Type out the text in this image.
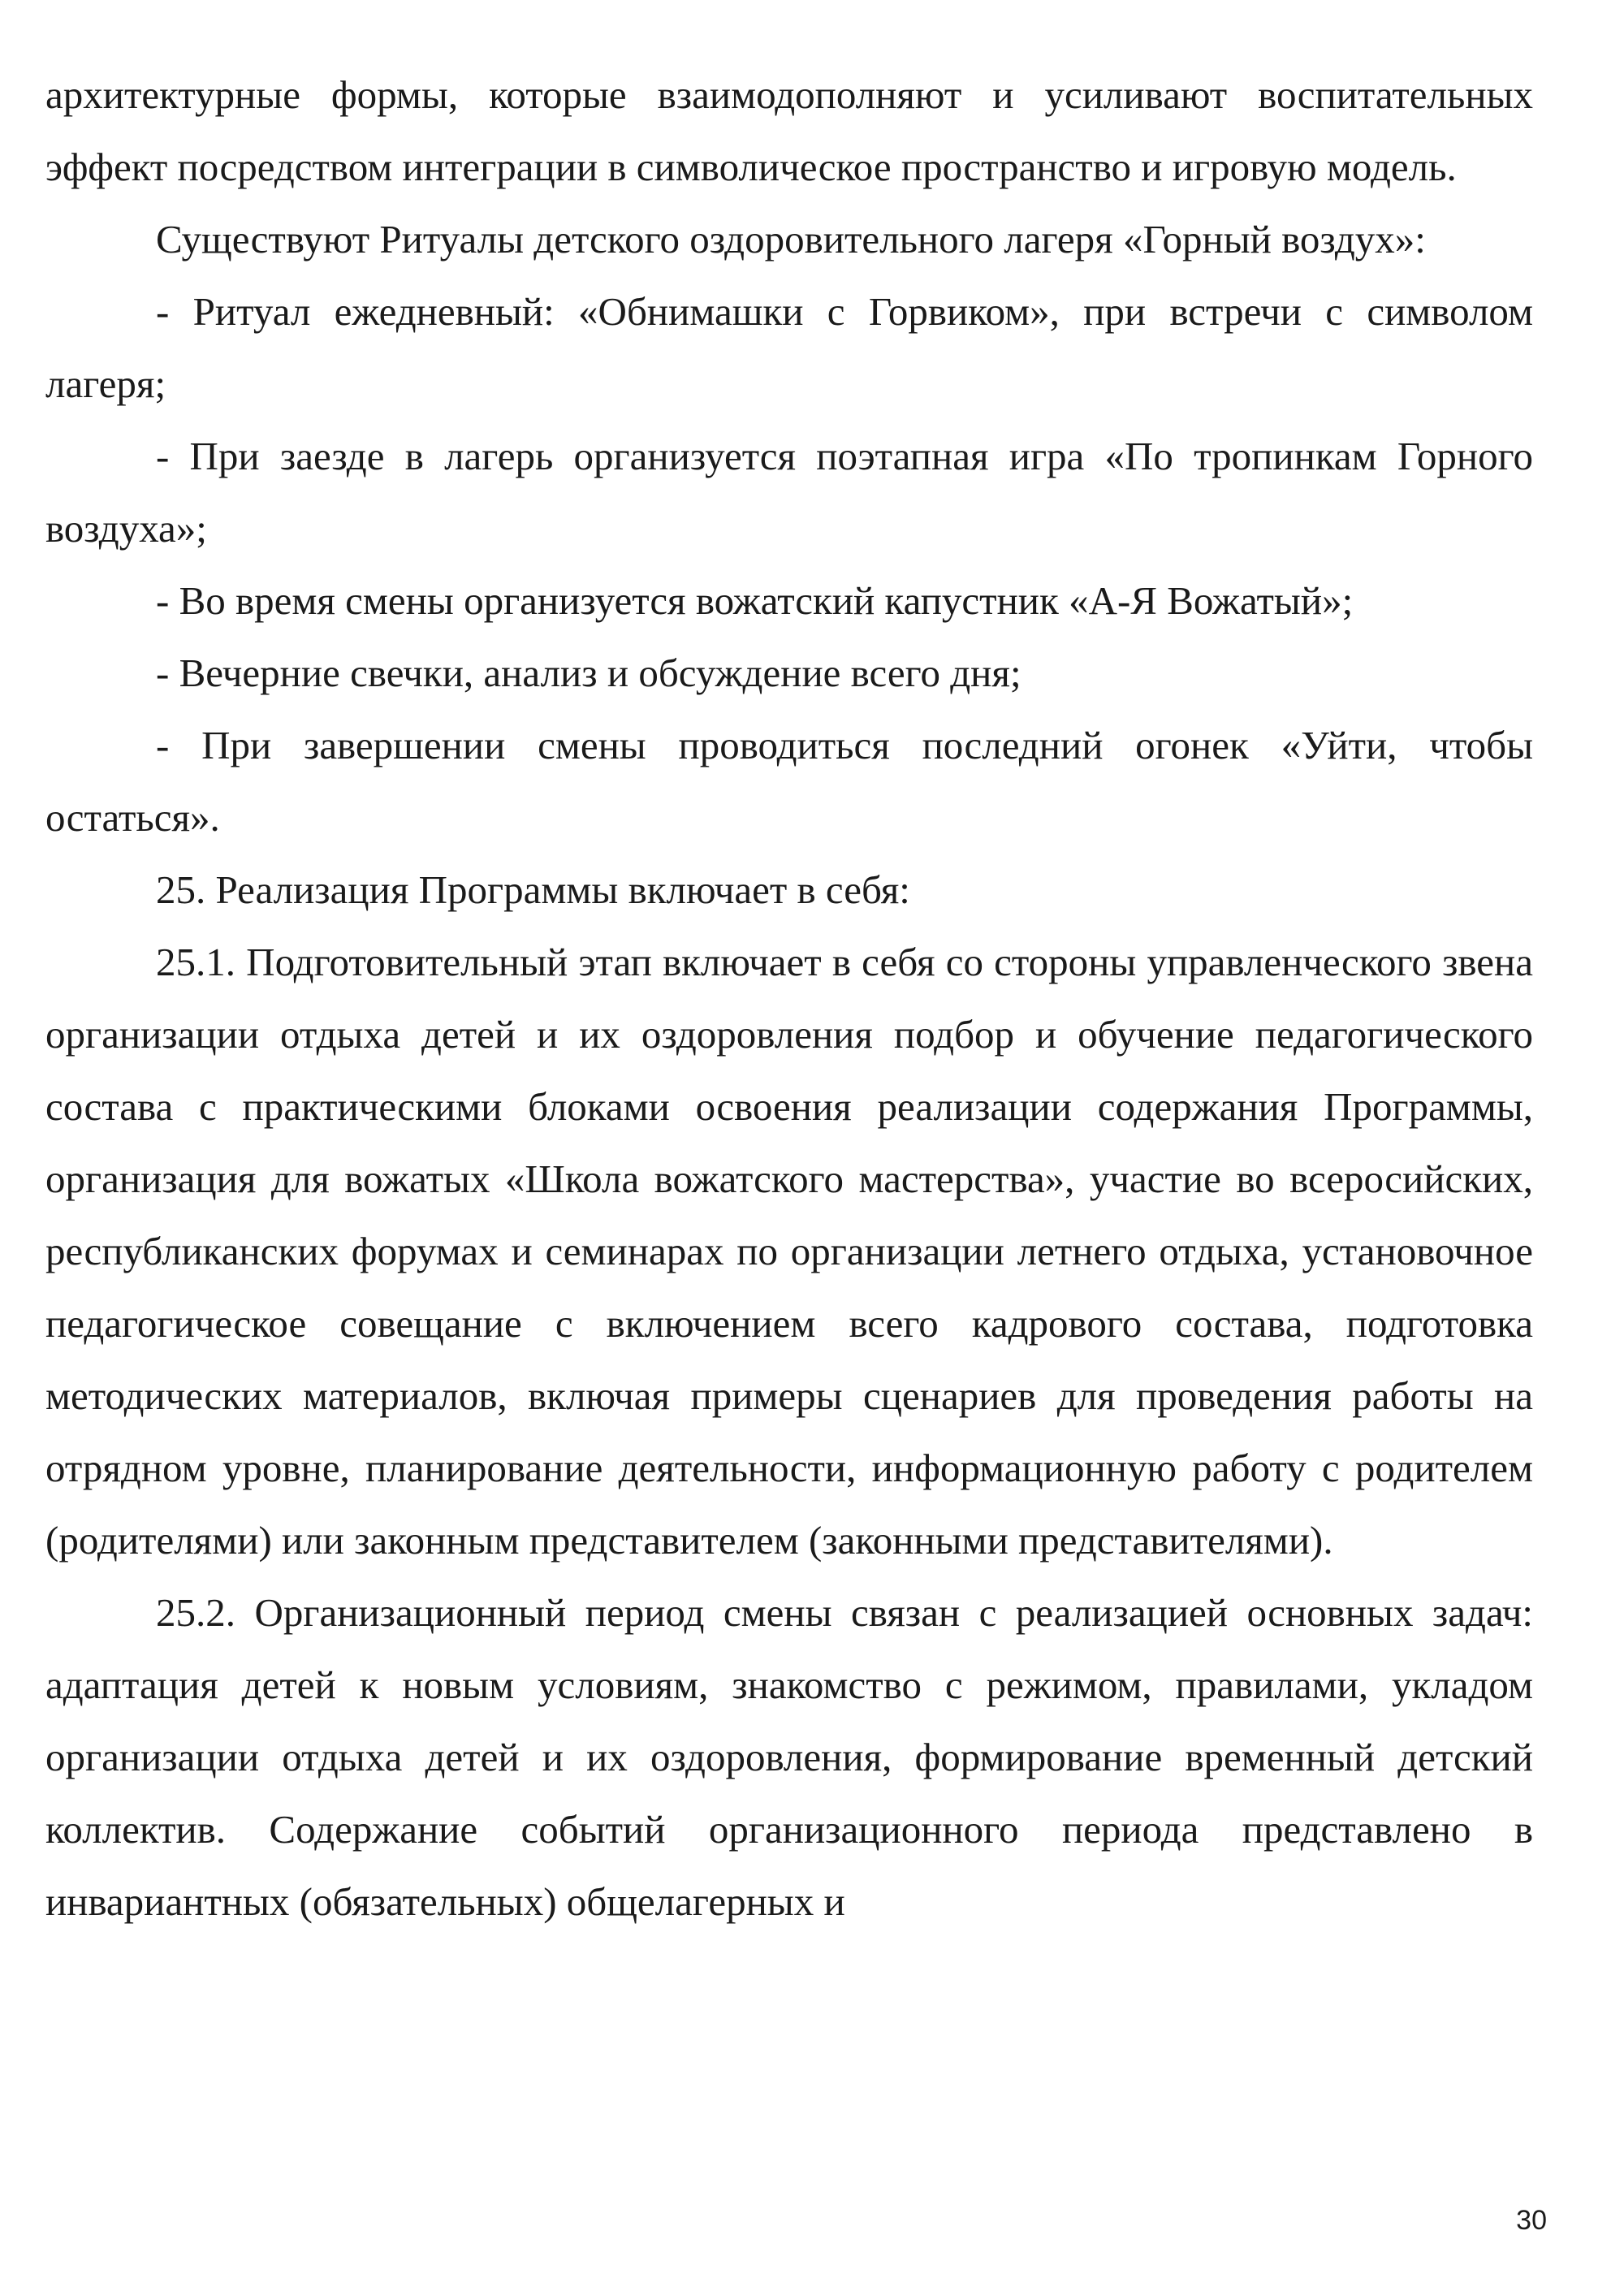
архитектурные формы, которые взаимодополняют и усиливают воспитательных эффект посредством интеграции в символическое пространство и игровую модель.

Существуют Ритуалы детского оздоровительного лагеря «Горный воздух»:

- Ритуал ежедневный: «Обнимашки с Горвиком», при встречи с символом лагеря;

- При заезде в лагерь организуется поэтапная игра «По тропинкам Горного воздуха»;

- Во время смены организуется вожатский капустник «А-Я Вожатый»;

- Вечерние свечки, анализ и обсуждение всего дня;

- При завершении смены проводиться последний огонек «Уйти, чтобы остаться».

25. Реализация Программы включает в себя:

25.1. Подготовительный этап включает в себя со стороны управленческого звена организации отдыха детей и их оздоровления подбор и обучение педагогического состава с практическими блоками освоения реализации содержания Программы, организация для вожатых «Школа вожатского мастерства», участие во всеросийских, республиканских форумах и семинарах по организации летнего отдыха, установочное педагогическое совещание с включением всего кадрового состава, подготовка методических материалов, включая примеры сценариев для проведения работы на отрядном уровне, планирование деятельности, информационную работу с родителем (родителями) или законным представителем (законными представителями).

25.2. Организационный период смены связан с реализацией основных задач: адаптация детей к новым условиям, знакомство с режимом, правилами, укладом организации отдыха детей и их оздоровления, формирование временный детский коллектив. Содержание событий организационного периода представлено в инвариантных (обязательных) общелагерных и

30
